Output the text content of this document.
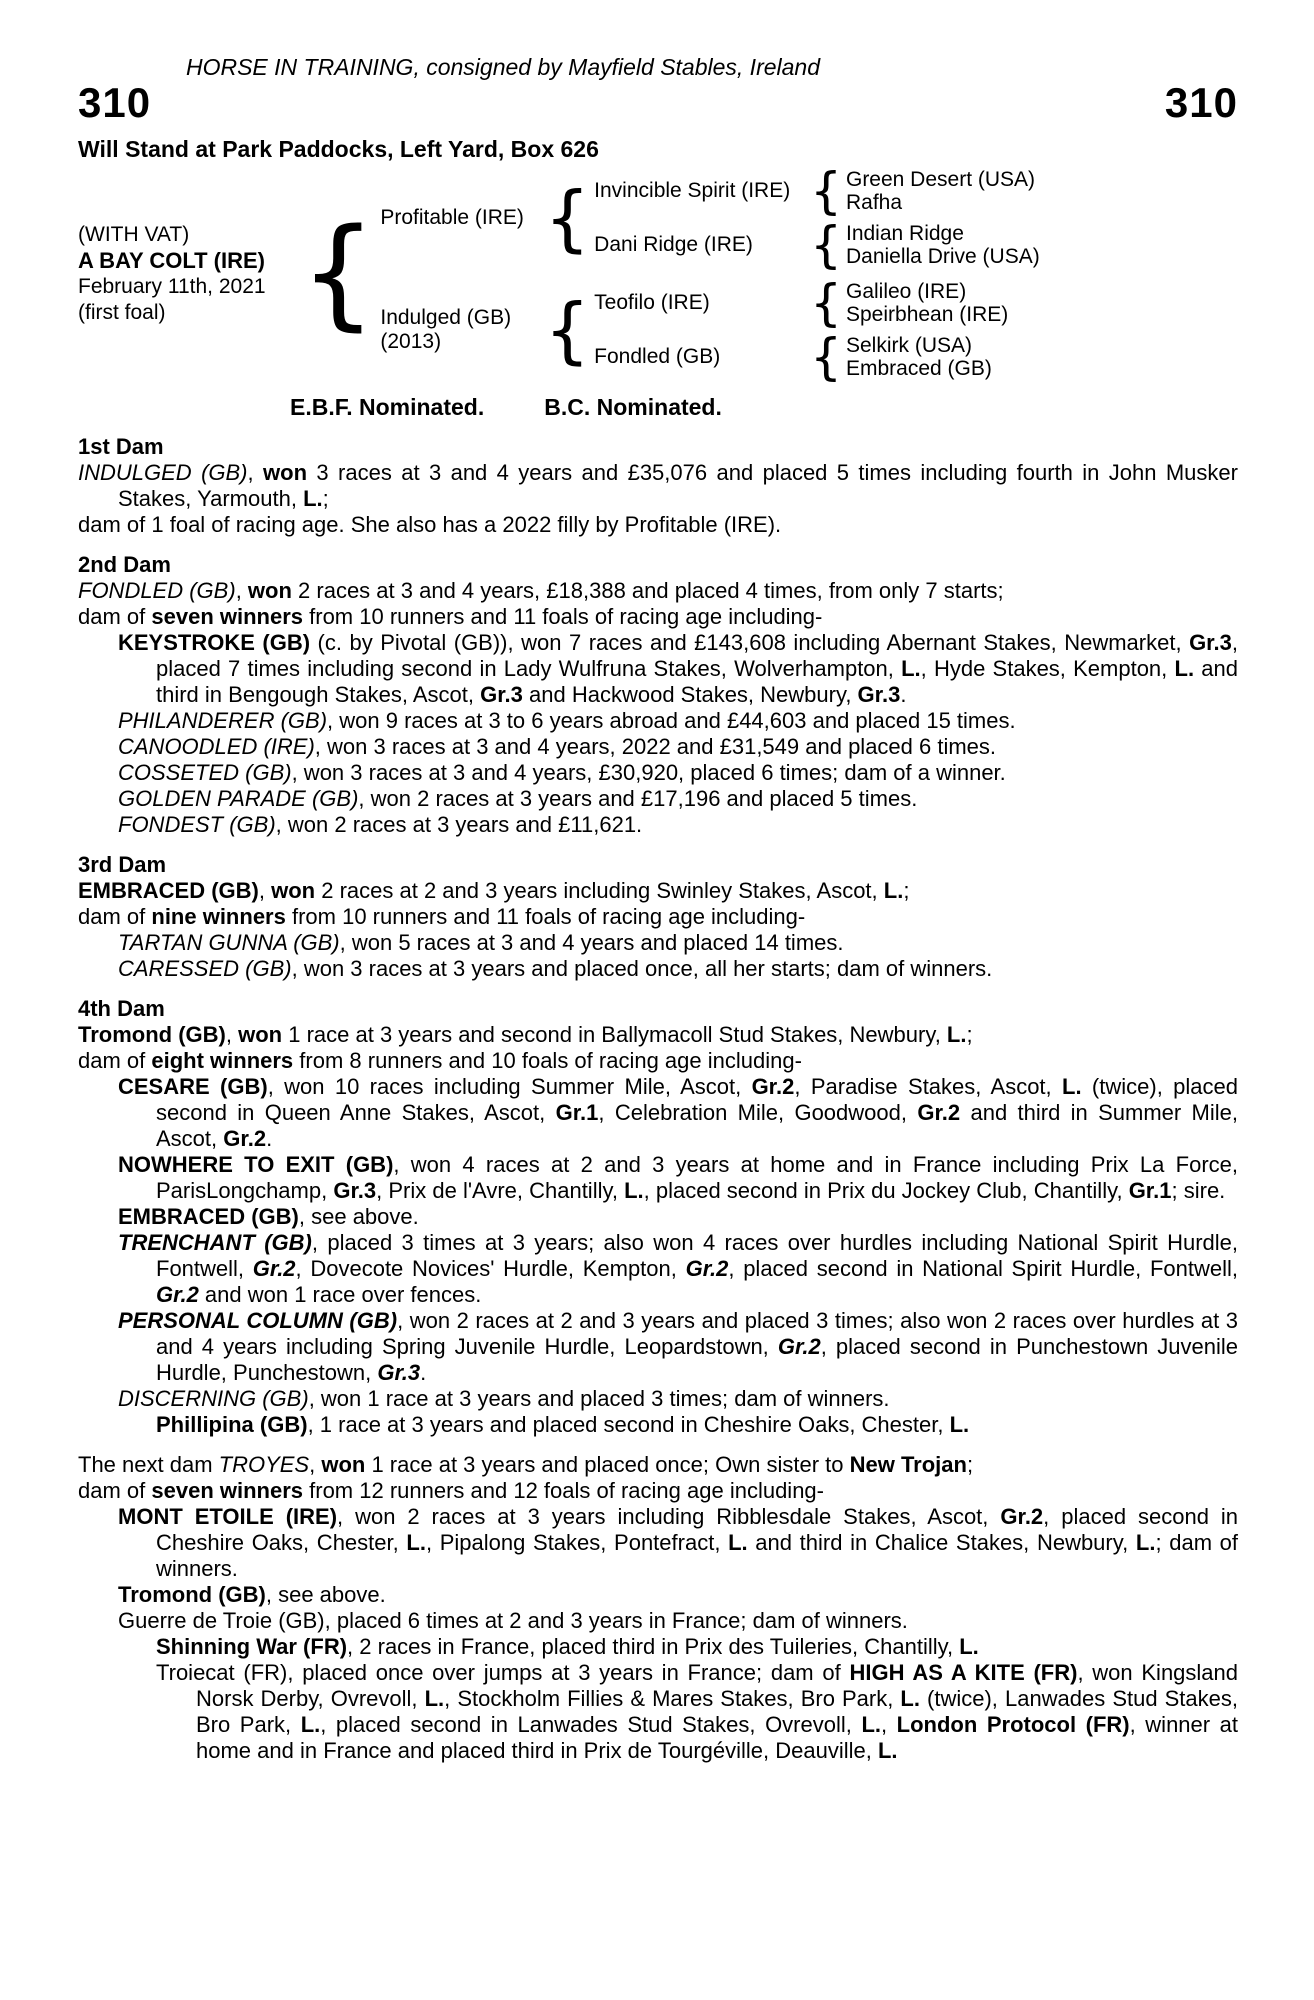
HORSE IN TRAINING, consigned by Mayfield Stables, Ireland
310	310
Will Stand at Park Paddocks, Left Yard, Box 626
(WITH VAT)
A BAY COLT (IRE)
February 11th, 2021
(first foal)	{ Profitable (IRE) { Invincible Spirit (IRE) { Green Desert (USA)
Rafha
Dani Ridge (IRE)	{ Indian Ridge
Daniella Drive (USA)
Indulged (GB)
(2013)	{ Teofilo (IRE)	{ Galileo (IRE)
Speirbhean (IRE)
Fondled (GB)	{ Selkirk (USA)
Embraced (GB)
E.B.F. Nominated.	B.C. Nominated.
1st Dam
INDULGED (GB), won 3 races at 3 and 4 years and £35,076 and placed 5 times including fourth in John Musker Stakes, Yarmouth, L.;
dam of 1 foal of racing age. She also has a 2022 filly by Profitable (IRE).
2nd Dam
FONDLED (GB), won 2 races at 3 and 4 years, £18,388 and placed 4 times, from only 7 starts;
dam of seven winners from 10 runners and 11 foals of racing age including-
KEYSTROKE (GB) (c. by Pivotal (GB)), won 7 races and £143,608 including Abernant Stakes, Newmarket, Gr.3, placed 7 times including second in Lady Wulfruna Stakes, Wolverhampton, L., Hyde Stakes, Kempton, L. and third in Bengough Stakes, Ascot, Gr.3 and Hackwood Stakes, Newbury, Gr.3.
PHILANDERER (GB), won 9 races at 3 to 6 years abroad and £44,603 and placed 15 times.
CANOODLED (IRE), won 3 races at 3 and 4 years, 2022 and £31,549 and placed 6 times.
COSSETED (GB), won 3 races at 3 and 4 years, £30,920, placed 6 times; dam of a winner.
GOLDEN PARADE (GB), won 2 races at 3 years and £17,196 and placed 5 times.
FONDEST (GB), won 2 races at 3 years and £11,621.
3rd Dam
EMBRACED (GB), won 2 races at 2 and 3 years including Swinley Stakes, Ascot, L.;
dam of nine winners from 10 runners and 11 foals of racing age including-
TARTAN GUNNA (GB), won 5 races at 3 and 4 years and placed 14 times.
CARESSED (GB), won 3 races at 3 years and placed once, all her starts; dam of winners.
4th Dam
Tromond (GB), won 1 race at 3 years and second in Ballymacoll Stud Stakes, Newbury, L.;
dam of eight winners from 8 runners and 10 foals of racing age including-
CESARE (GB), won 10 races including Summer Mile, Ascot, Gr.2, Paradise Stakes, Ascot, L. (twice), placed second in Queen Anne Stakes, Ascot, Gr.1, Celebration Mile, Goodwood, Gr.2 and third in Summer Mile, Ascot, Gr.2.
NOWHERE TO EXIT (GB), won 4 races at 2 and 3 years at home and in France including Prix La Force, ParisLongchamp, Gr.3, Prix de l'Avre, Chantilly, L., placed second in Prix du Jockey Club, Chantilly, Gr.1; sire.
EMBRACED (GB), see above.
TRENCHANT (GB), placed 3 times at 3 years; also won 4 races over hurdles including National Spirit Hurdle, Fontwell, Gr.2, Dovecote Novices' Hurdle, Kempton, Gr.2, placed second in National Spirit Hurdle, Fontwell, Gr.2 and won 1 race over fences.
PERSONAL COLUMN (GB), won 2 races at 2 and 3 years and placed 3 times; also won 2 races over hurdles at 3 and 4 years including Spring Juvenile Hurdle, Leopardstown, Gr.2, placed second in Punchestown Juvenile Hurdle, Punchestown, Gr.3.
DISCERNING (GB), won 1 race at 3 years and placed 3 times; dam of winners.
Phillipina (GB), 1 race at 3 years and placed second in Cheshire Oaks, Chester, L.
The next dam TROYES, won 1 race at 3 years and placed once; Own sister to New Trojan;
dam of seven winners from 12 runners and 12 foals of racing age including-
MONT ETOILE (IRE), won 2 races at 3 years including Ribblesdale Stakes, Ascot, Gr.2, placed second in Cheshire Oaks, Chester, L., Pipalong Stakes, Pontefract, L. and third in Chalice Stakes, Newbury, L.; dam of winners.
Tromond (GB), see above.
Guerre de Troie (GB), placed 6 times at 2 and 3 years in France; dam of winners.
Shinning War (FR), 2 races in France, placed third in Prix des Tuileries, Chantilly, L.
Troiecat (FR), placed once over jumps at 3 years in France; dam of HIGH AS A KITE (FR), won Kingsland Norsk Derby, Ovrevoll, L., Stockholm Fillies & Mares Stakes, Bro Park, L. (twice), Lanwades Stud Stakes, Bro Park, L., placed second in Lanwades Stud Stakes, Ovrevoll, L., London Protocol (FR), winner at home and in France and placed third in Prix de Tourgéville, Deauville, L.
